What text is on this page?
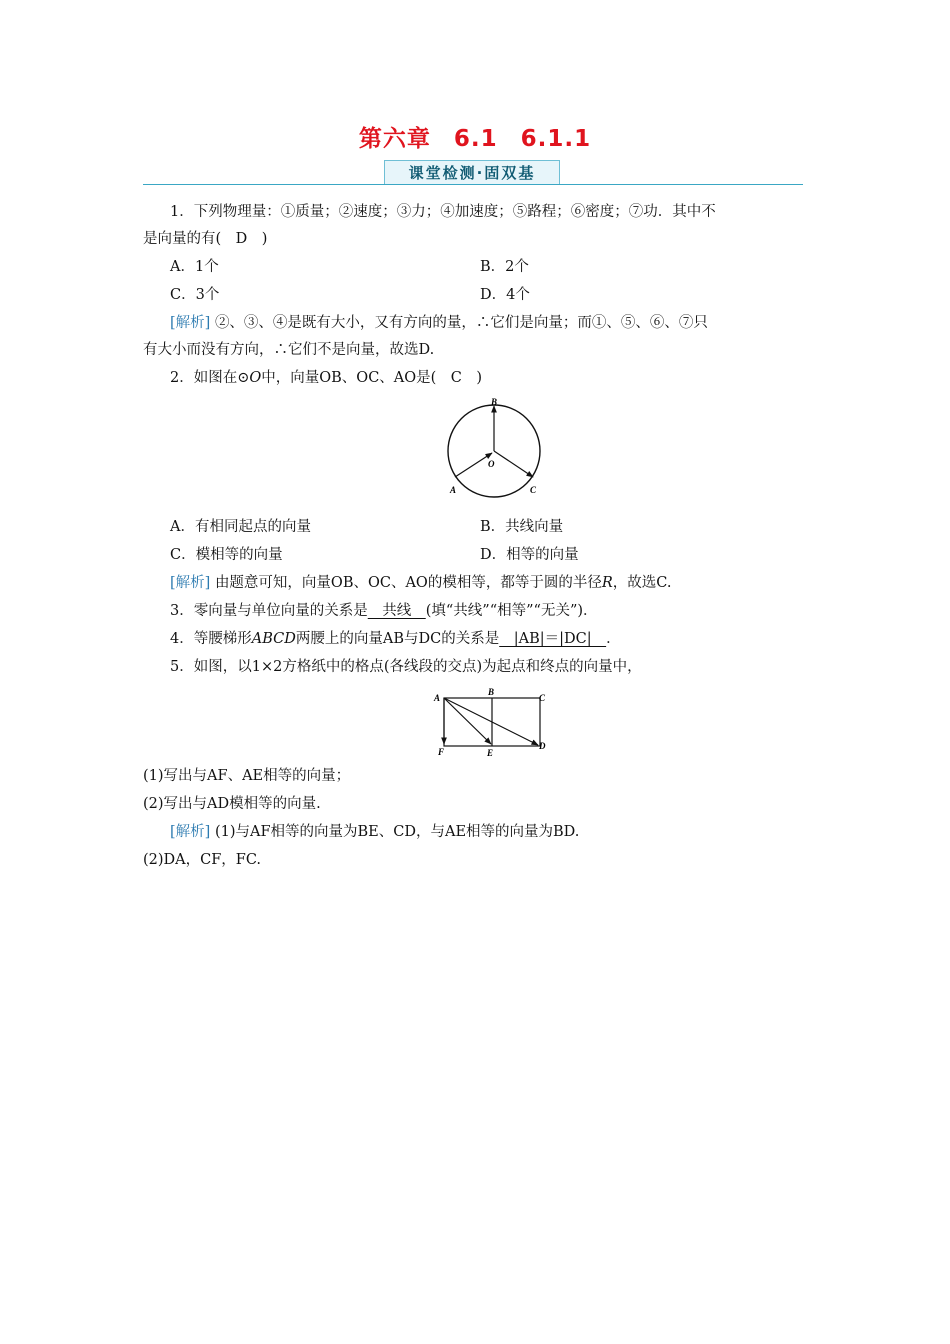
第六章 6.1 6.1.1
课堂检测·固双基
1．下列物理量：①质量；②速度；③力；④加速度；⑤路程；⑥密度；⑦功．其中不
是向量的有(　D　)
A．1个	B．2个
C．3个	D．4个
[解析] ②、③、④是既有大小，又有方向的量，∴它们是向量；而①、⑤、⑥、⑦只
有大小而没有方向，∴它们不是向量，故选D.
2．如图在⊙O中，向量OB、OC、AO是(　C　)
B
O
A	C
A．有相同起点的向量	B．共线向量
C．模相等的向量	D．相等的向量
[解析] 由题意可知，向量OB、OC、AO的模相等，都等于圆的半径R，故选C.
3．零向量与单位向量的关系是　共线　(填“共线”“相等”“无关”)．
4．等腰梯形ABCD两腰上的向量AB与DC的关系是　|AB|＝|DC|　．
5．如图，以1×2方格纸中的格点(各线段的交点)为起点和终点的向量中，
A
B
C
F	E
D
(1)写出与AF、AE相等的向量；
(2)写出与AD模相等的向量.
[解析] (1)与AF相等的向量为BE、CD，与AE相等的向量为BD.
(2)DA，CF，FC.
